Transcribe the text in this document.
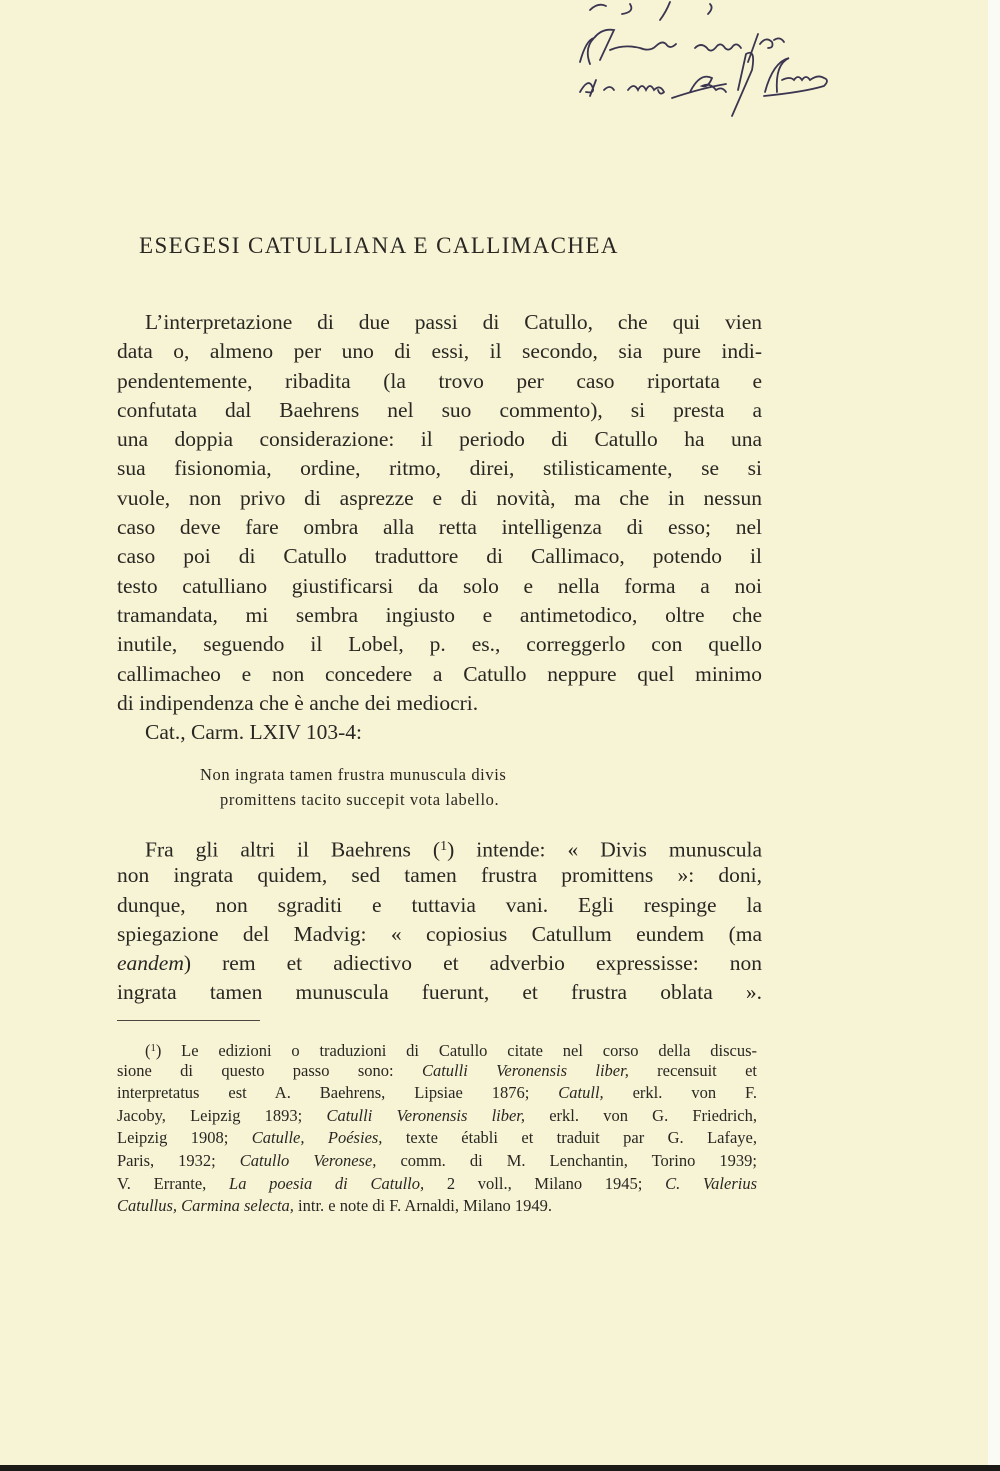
ESEGESI CATULLIANA E CALLIMACHEA
L’interpretazione di due passi di Catullo, che qui vien
data o, almeno per uno di essi, il secondo, sia pure indi-
pendentemente, ribadita (la trovo per caso riportata e
confutata dal Baehrens nel suo commento), si presta a
una doppia considerazione: il periodo di Catullo ha una
sua fisionomia, ordine, ritmo, direi, stilisticamente, se si
vuole, non privo di asprezze e di novità, ma che in nessun
caso deve fare ombra alla retta intelligenza di esso; nel
caso poi di Catullo traduttore di Callimaco, potendo il
testo catulliano giustificarsi da solo e nella forma a noi
tramandata, mi sembra ingiusto e antimetodico, oltre che
inutile, seguendo il Lobel, p. es., correggerlo con quello
callimacheo e non concedere a Catullo neppure quel minimo
di indipendenza che è anche dei mediocri.
Cat., Carm. LXIV 103-4:
Non ingrata tamen frustra munuscula divis
promittens tacito succepit vota labello.
Fra gli altri il Baehrens ($^1$) intende: « Divis munuscula
non ingrata quidem, sed tamen frustra promittens »: doni,
dunque, non sgraditi e tuttavia vani. Egli respinge la
spiegazione del Madvig: « copiosius Catullum eundem (ma
eandem) rem et adiectivo et adverbio expressisse: non
ingrata tamen munuscula fuerunt, et frustra oblata ».
($^1$) Le edizioni o traduzioni di Catullo citate nel corso della discus-
sione di questo passo sono: Catulli Veronensis liber, recensuit et
interpretatus est A. Baehrens, Lipsiae 1876; Catull, erkl. von F.
Jacoby, Leipzig 1893; Catulli Veronensis liber, erkl. von G. Friedrich,
Leipzig 1908; Catulle, Poésies, texte établi et traduit par G. Lafaye,
Paris, 1932; Catullo Veronese, comm. di M. Lenchantin, Torino 1939;
V. Errante, La poesia di Catullo, 2 voll., Milano 1945; C. Valerius
Catullus, Carmina selecta, intr. e note di F. Arnaldi, Milano 1949.
